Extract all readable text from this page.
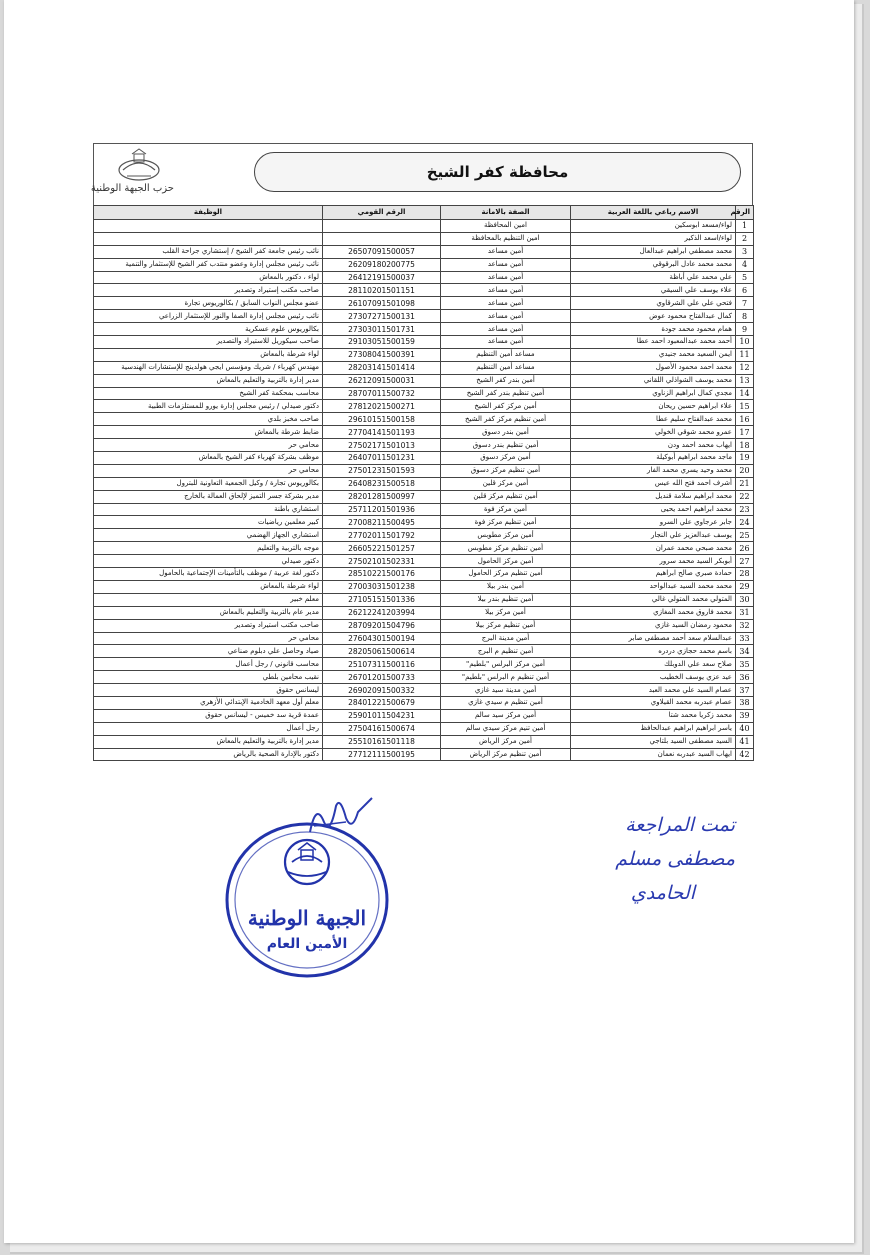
حزب الجبهة الوطنية
محافظة كفر الشيخ
الرقم	الاسم رباعي باللغة العربية	الصفة بالامانة	الرقم القومي	الوظيفة
1	لواء/مسعد ابوسكين	امين المحافظة		
2	لواء/اسعد الذكير	امين التنظيم بالمحافظة		
3	محمد مصطفي ابراهيم عبدالعال	أمين مساعد	26507091500057	نائب رئيس جامعة كفر الشيخ / إستشاري جراحة القلب
4	محمد محمد عادل البرقوقي	أمين مساعد	26209180200775	نائب رئيس مجلس إدارة وعضو منتدب كفر الشيخ للإستثمار والتنمية
5	علي محمد علي أباظة	أمين مساعد	26412191500037	لواء ، دكتور بالمعاش
6	علاء يوسف علي السيقي	أمين مساعد	28110201501151	صاحب مكتب إستيراد وتصدير
7	فتحي علي علي الشرقاوي	أمين مساعد	26107091501098	عضو مجلس النواب السابق / بكالوريوس تجارة
8	كمال عبدالفتاح محمود عوض	أمين مساعد	27307271500131	نائب رئيس مجلس إدارة الصفا والنور للإستثمار الزراعي
9	همام محمود محمد جودة	أمين مساعد	27303011501731	بكالوريوس علوم عسكرية
10	أحمد محمد عبدالمعبود احمد عطا	أمين مساعد	29103051500159	صاحب سيكوريل للاستيراد والتصدير
11	ايمن السعيد محمد جنيدي	مساعد أمين التنظيم	27308041500391	لواء شرطة بالمعاش
12	محمد احمد محمود الأصول	مساعد أمين التنظيم	28203141501414	مهندس كهرباء / شريك ومؤسس ايجي هولدينج للإستشارات الهندسية
13	محمد يوسف الشواذلي اللقاني	أمين بندر كفر الشيخ	26212091500031	مدير إدارة بالتربية والتعليم بالمعاش
14	مجدي كمال ابراهيم الزناوي	أمين تنظيم بندر كفر الشيخ	28707011500732	محاسب بمحكمة كفر الشيخ
15	علاء ابراهيم حسين ريحان	أمين مركز كفر الشيخ	27812021500271	دكتور صيدلي / رئيس مجلس إدارة يورو للمستلزمات الطبية
16	محمد عبدالفتاح سليم عطا	أمين تنظيم مركز كفر الشيخ	29610151500158	صاحب مخبز بلدي
17	عمرو محمد شوقي الخولي	أمين بندر دسوق	27704141501193	ضابط شرطة بالمعاش
18	ايهاب محمد احمد ودن	أمين تنظيم بندر دسوق	27502171501013	محامي حر
19	ماجد محمد ابراهيم أبوكيلة	أمين مركز دسوق	26407011501231	موظف بشركة كهرباء كفر الشيخ بالمعاش
20	محمد وحيد يسري محمد الفار	أمين تنظيم مركز دسوق	27501231501593	محامي حر
21	أشرف احمد فتح الله عيس	أمين مركز قلين	26408231500518	بكالوريوس تجارة / وكيل الجمعية التعاونية للبترول
22	محمد ابراهيم سلامة قنديل	أمين تنظيم مركز قلين	28201281500997	مدير بشركة جسر التميز لإلحاق العمالة بالخارج
23	محمد ابراهيم احمد يحيى	أمين مركز فوة	25711201501936	استشاري باطنة
24	جابر عرجاوي علي السرو	أمين تنظيم مركز فوة	27008211500495	كبير معلمين رياضيات
25	يوسف عبدالعزيز علي النجار	أمين مركز مطوبس	27702011501792	استشاري الجهاز الهضمي
26	محمد صبحي محمد عمران	أمين تنظيم مركز مطوبس	26605221501257	موجه بالتربية والتعليم
27	أبوبكر السيد محمد سرور	أمين مركز الحامول	27502101502331	دكتور صيدلي
28	حمادة صبري صالح ابراهيم	أمين تنظيم مركز الحامول	28510221500176	دكتور لغة عربية / موظف بالتأمينات الإجتماعية بالحامول
29	محمد محمد السيد عبدالواحد	أمين بندر بيلا	27003031501238	لواء شرطة بالمعاش
30	المتولي محمد المتولي غالي	أمين تنظيم بندر بيلا	27105151501336	معلم خبير
31	محمد فاروق محمد المغازي	أمين مركز بيلا	26212241203994	مدير عام بالتربية والتعليم بالمعاش
32	محمود رمضان السيد غازي	أمين تنظيم مركز بيلا	28709201504796	صاحب مكتب استيراد وتصدير
33	عبدالسلام سعد أحمد مصطفى صابر	أمين مدينة البرج	27604301500194	محامي حر
34	باسم محمد حجازي دردره	أمين تنظيم م البرج	28205061500614	صياد وحاصل علي دبلوم صناعي
35	صلاح سعد علي الدوبلك	أمين مركز البرلس "بلطيم"	25107311500116	محاسب قانوني / رجل أعمال
36	عيد عزي يوسف الخطيب	أمين تنظيم م البرلس "بلطيم"	26701201500733	نقيب محامين بلطي
37	عصام السيد علي محمد العبد	أمين مدينة سيد غازي	26902091500332	ليسانس حقوق
38	عصام عبدربه محمد القيلاوي	أمين تنظيم م سيدي غازي	28401221500679	معلم أول معهد الخادمية الإبتدائي الأزهري
39	محمد زكريا محمد شتا	أمين مركز سيد سالم	25901011504231	عمدة قرية سد خميس - ليسانس حقوق
40	ياسر ابراهيم ابراهيم عبدالحافظ	أمين تنيم مركز سيدي سالم	27504161500674	رجل أعمال
41	السيد مصطفى السيد بلتاجي	أمين مركز الرياض	25510161501118	مدير إدارة بالتربية والتعليم بالمعاش
42	ايهاب السيد عبدربه نعمان	أمين تنظيم مركز الرياض	27712111500195	دكتور بالإدارة الصحية بالرياض
الجبهة الوطنية
الأمين العام
تمت المراجعة
مصطفى مسلم
الحامدي
